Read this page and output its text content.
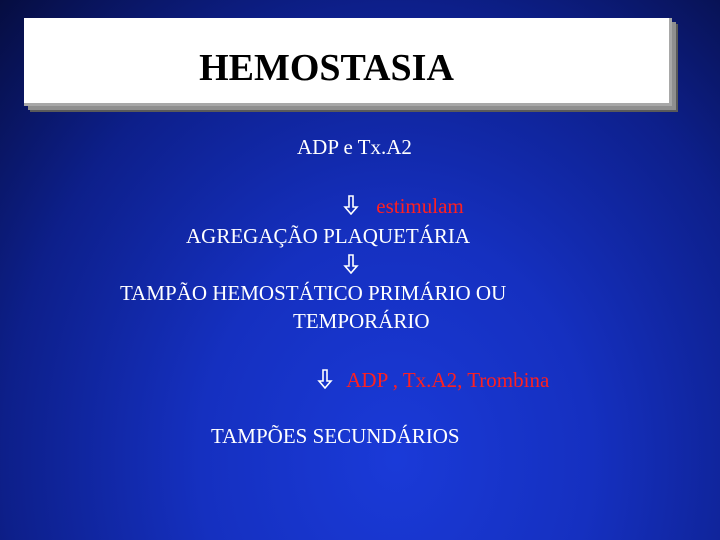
HEMOSTASIA
ADP e Tx.A2
estimulam
AGREGAÇÃO PLAQUETÁRIA
TAMPÃO HEMOSTÁTICO PRIMÁRIO OU
TEMPORÁRIO
ADP , Tx.A2, Trombina
TAMPÕES SECUNDÁRIOS
